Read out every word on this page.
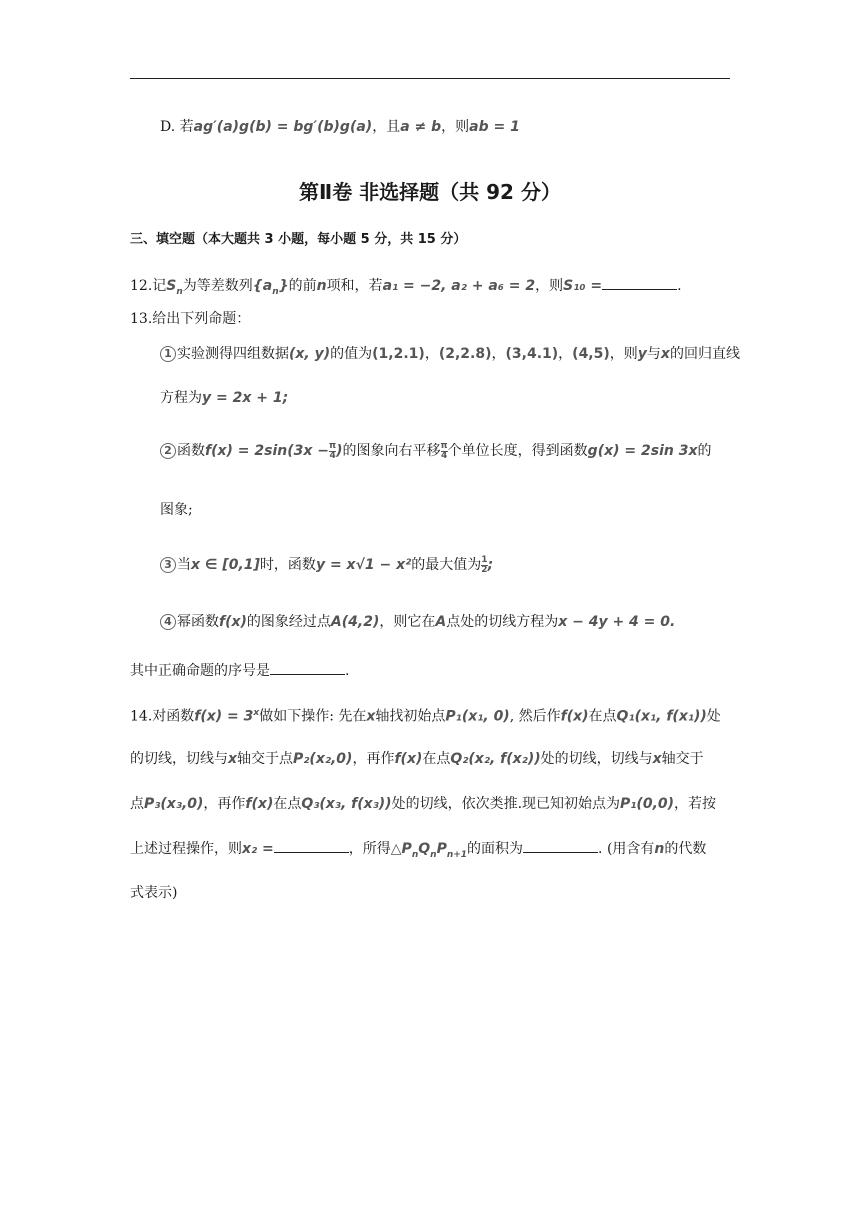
D. 若ag′(a)g(b) = bg′(b)g(a)，且a ≠ b，则ab = 1
第Ⅱ卷 非选择题（共 92 分）
三、填空题（本大题共 3 小题，每小题 5 分，共 15 分）
12.记$S_n$为等差数列$\{a_n\}$的前n项和，若a₁ = −2, a₂ + a₆ = 2，则S₁₀ =	.
13.给出下列命题：
1 实验测得四组数据(x, y)的值为(1,2.1)，(2,2.8)，(3,4.1)，(4,5)，则y与x的回归直线
方程为y = 2x + 1;
2 函数$f(x) = 2\sin(3x - \frac{\pi}{4}$ )的图象向右平移 $\frac{\pi}{4}$ 个单位长度，得到函数g(x) = 2sin 3x的
图象;
3 当x ∈ [0,1]时，函数y = x√1 − x²的最大值为 $\frac{1}{2}$ ;
4 幂函数f(x)的图象经过点A(4,2)，则它在A点处的切线方程为x − 4y + 4 = 0.
其中正确命题的序号是	.
14.对函数$f(x) = 3^x$做如下操作: 先在x轴找初始点P₁(x₁, 0), 然后作f(x)在点Q₁(x₁, f(x₁))处
的切线，切线与x轴交于点P₂(x₂,0)，再作f(x)在点Q₂(x₂, f(x₂))处的切线，切线与x轴交于
点P₃(x₃,0)，再作f(x)在点Q₃(x₃, f(x₃))处的切线，依次类推.现已知初始点为P₁(0,0)，若按
上述过程操作，则x₂ =	，所得$\triangle P_nQ_nP_{n+1}$的面积为	. (用含有n的代数
式表示)
